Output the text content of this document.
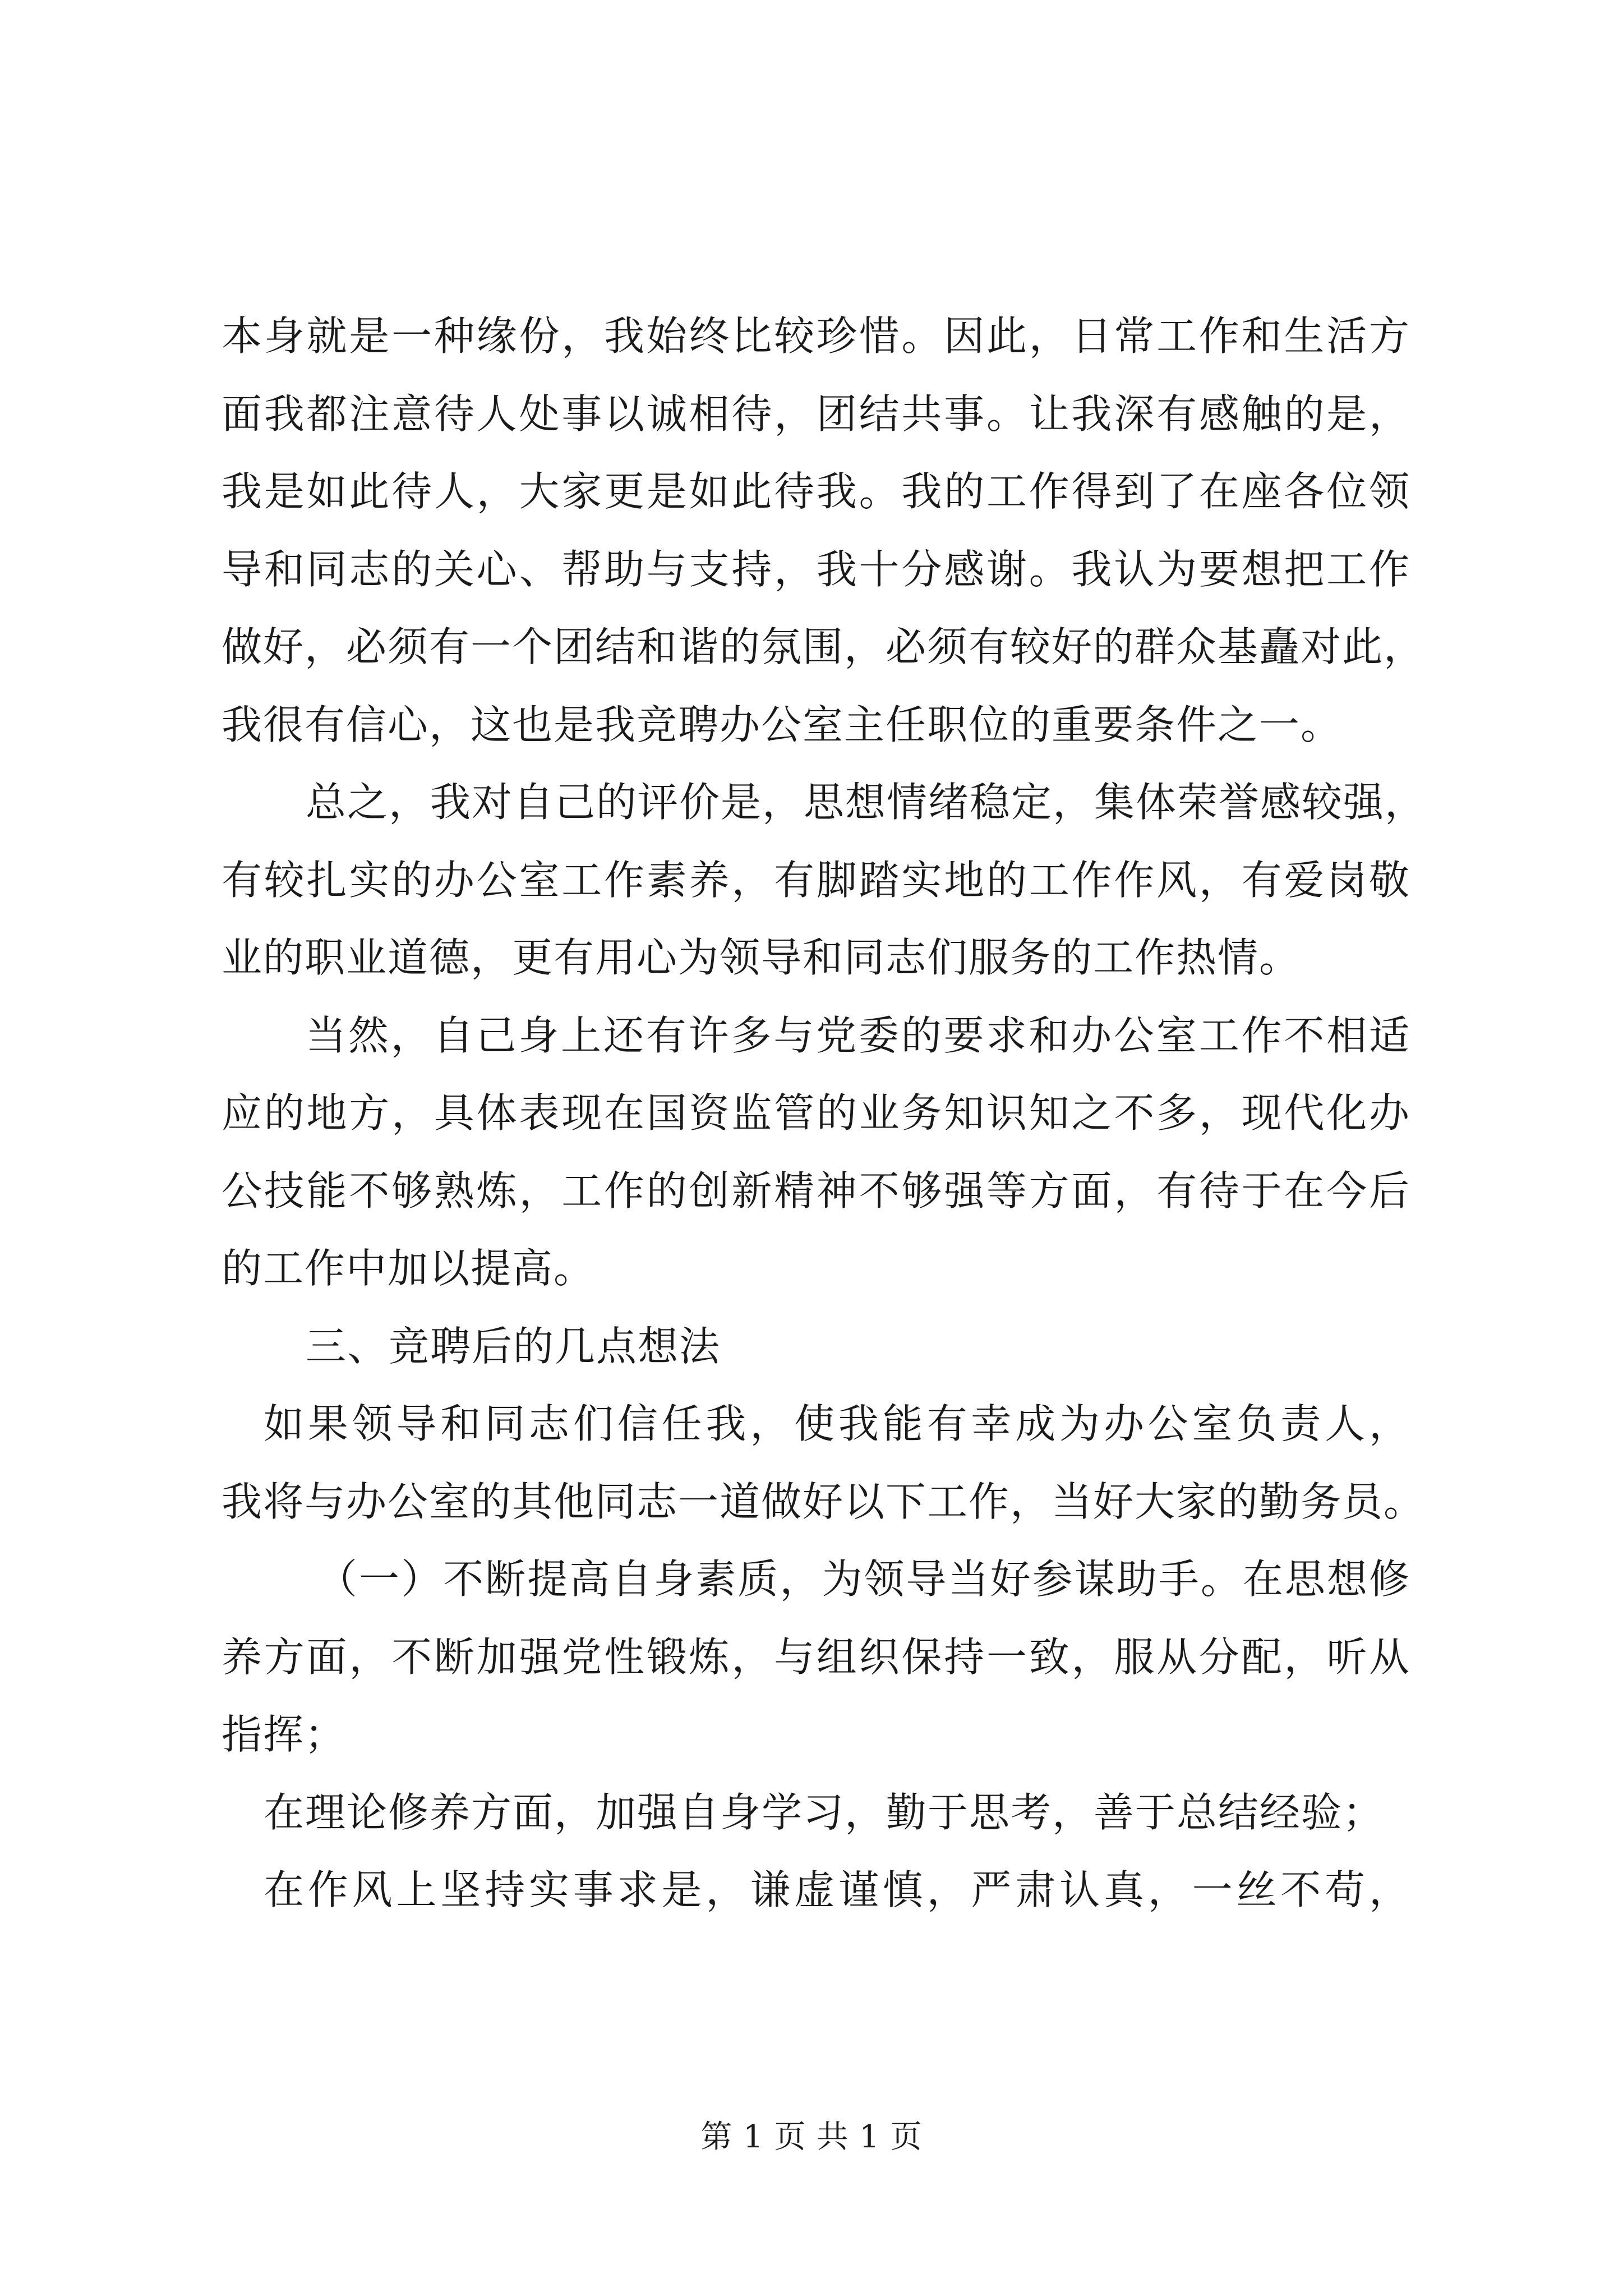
本身就是一种缘份，我始终比较珍惜。因此，日常工作和生活方
面我都注意待人处事以诚相待，团结共事。让我深有感触的是，
我是如此待人，大家更是如此待我。我的工作得到了在座各位领
导和同志的关心、帮助与支持，我十分感谢。我认为要想把工作
做好，必须有一个团结和谐的氛围，必须有较好的群众基矗对此，
我很有信心，这也是我竞聘办公室主任职位的重要条件之一。
总之，我对自己的评价是，思想情绪稳定，集体荣誉感较强，
有较扎实的办公室工作素养，有脚踏实地的工作作风，有爱岗敬
业的职业道德，更有用心为领导和同志们服务的工作热情。
当然，自己身上还有许多与党委的要求和办公室工作不相适
应的地方，具体表现在国资监管的业务知识知之不多，现代化办
公技能不够熟炼，工作的创新精神不够强等方面，有待于在今后
的工作中加以提高。
三、竞聘后的几点想法
如果领导和同志们信任我，使我能有幸成为办公室负责人，
我将与办公室的其他同志一道做好以下工作，当好大家的勤务员。
（一）不断提高自身素质，为领导当好参谋助手。在思想修
养方面，不断加强党性锻炼，与组织保持一致，服从分配，听从
指挥；
在理论修养方面，加强自身学习，勤于思考，善于总结经验；
在作风上坚持实事求是，谦虚谨慎，严肃认真，一丝不苟，
第 1 页 共 1 页
